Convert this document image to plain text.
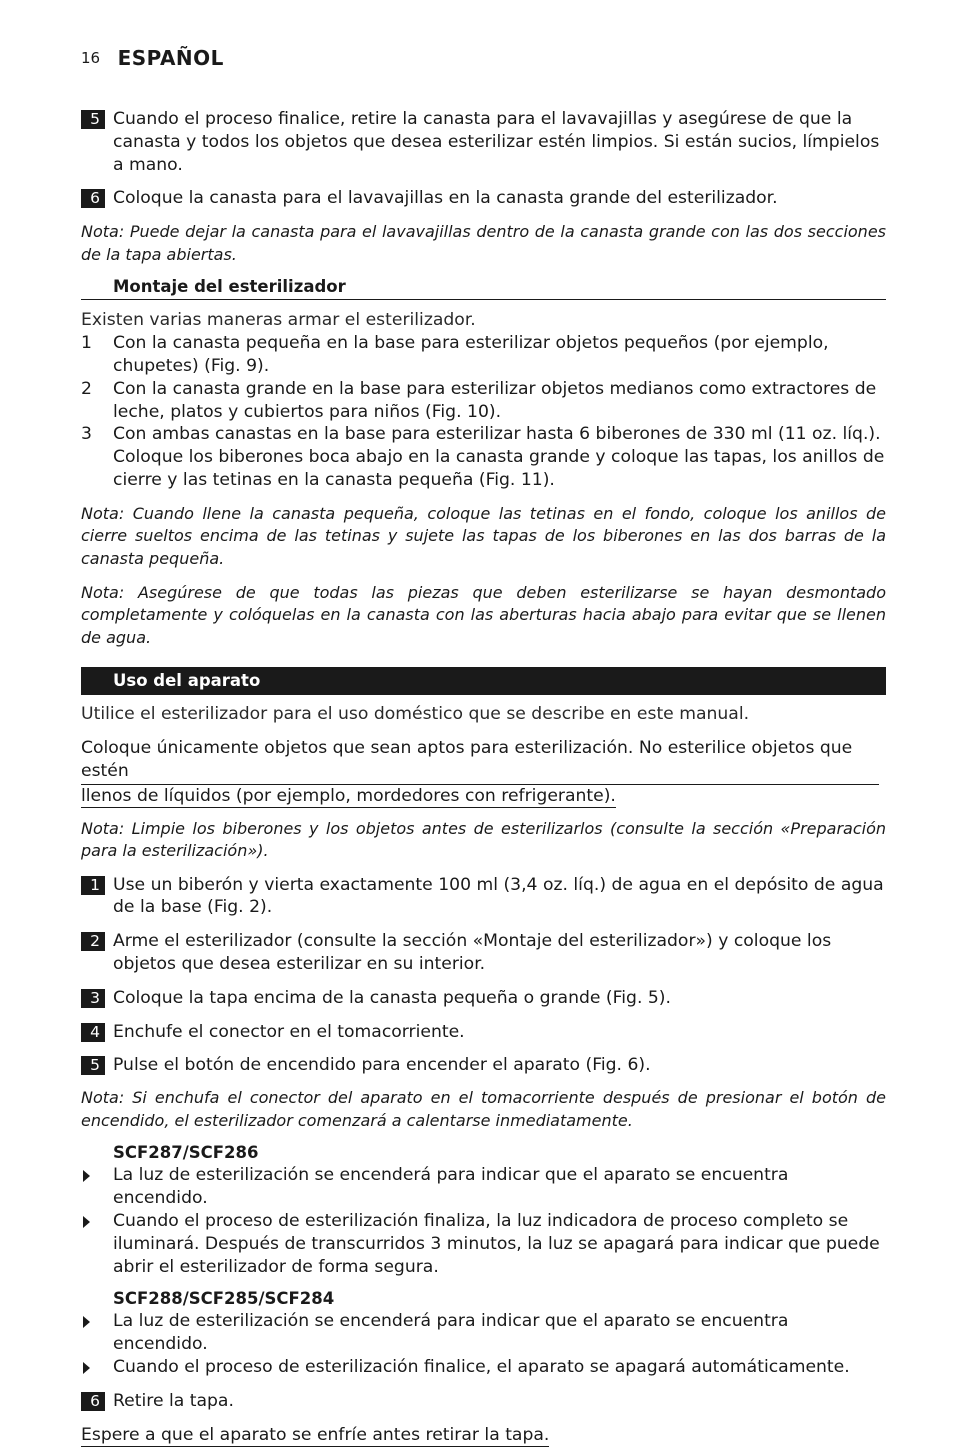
16 ESPAÑOL
5 Cuando el proceso finalice, retire la canasta para el lavavajillas y asegúrese de que la canasta y todos los objetos que desea esterilizar estén limpios. Si están sucios, límpielos a mano.

6 Coloque la canasta para el lavavajillas en la canasta grande del esterilizador.

Nota: Puede dejar la canasta para el lavavajillas dentro de la canasta grande con las dos secciones de la tapa abiertas.

Montaje del esterilizador

Existen varias maneras armar el esterilizador.

1 Con la canasta pequeña en la base para esterilizar objetos pequeños (por ejemplo, chupetes) (Fig. 9).

2 Con la canasta grande en la base para esterilizar objetos medianos como extractores de leche, platos y cubiertos para niños (Fig. 10).

3 Con ambas canastas en la base para esterilizar hasta 6 biberones de 330 ml (11 oz. líq.). Coloque los biberones boca abajo en la canasta grande y coloque las tapas, los anillos de cierre y las tetinas en la canasta pequeña (Fig. 11).

Nota: Cuando llene la canasta pequeña, coloque las tetinas en el fondo, coloque los anillos de cierre sueltos encima de las tetinas y sujete las tapas de los biberones en las dos barras de la canasta pequeña.

Nota: Asegúrese de que todas las piezas que deben esterilizarse se hayan desmontado completamente y colóquelas en la canasta con las aberturas hacia abajo para evitar que se llenen de agua.

Uso del aparato

Utilice el esterilizador para el uso doméstico que se describe en este manual.

Coloque únicamente objetos que sean aptos para esterilización. No esterilice objetos que estén
llenos de líquidos (por ejemplo, mordedores con refrigerante).

Nota: Limpie los biberones y los objetos antes de esterilizarlos (consulte la sección «Preparación para la esterilización»).

1 Use un biberón y vierta exactamente 100 ml (3,4 oz. líq.) de agua en el depósito de agua de la base (Fig. 2).

2 Arme el esterilizador (consulte la sección «Montaje del esterilizador») y coloque los objetos que desea esterilizar en su interior.

3 Coloque la tapa encima de la canasta pequeña o grande (Fig. 5).

4 Enchufe el conector en el tomacorriente.

5 Pulse el botón de encendido para encender el aparato (Fig. 6).

Nota: Si enchufa el conector del aparato en el tomacorriente después de presionar el botón de encendido, el esterilizador comenzará a calentarse inmediatamente.

SCF287/SCF286

La luz de esterilización se encenderá para indicar que el aparato se encuentra encendido.

Cuando el proceso de esterilización finaliza, la luz indicadora de proceso completo se iluminará. Después de transcurridos 3 minutos, la luz se apagará para indicar que puede abrir el esterilizador de forma segura.

SCF288/SCF285/SCF284

La luz de esterilización se encenderá para indicar que el aparato se encuentra encendido.

Cuando el proceso de esterilización finalice, el aparato se apagará automáticamente.

6 Retire la tapa.

Espere a que el aparato se enfríe antes retirar la tapa.
